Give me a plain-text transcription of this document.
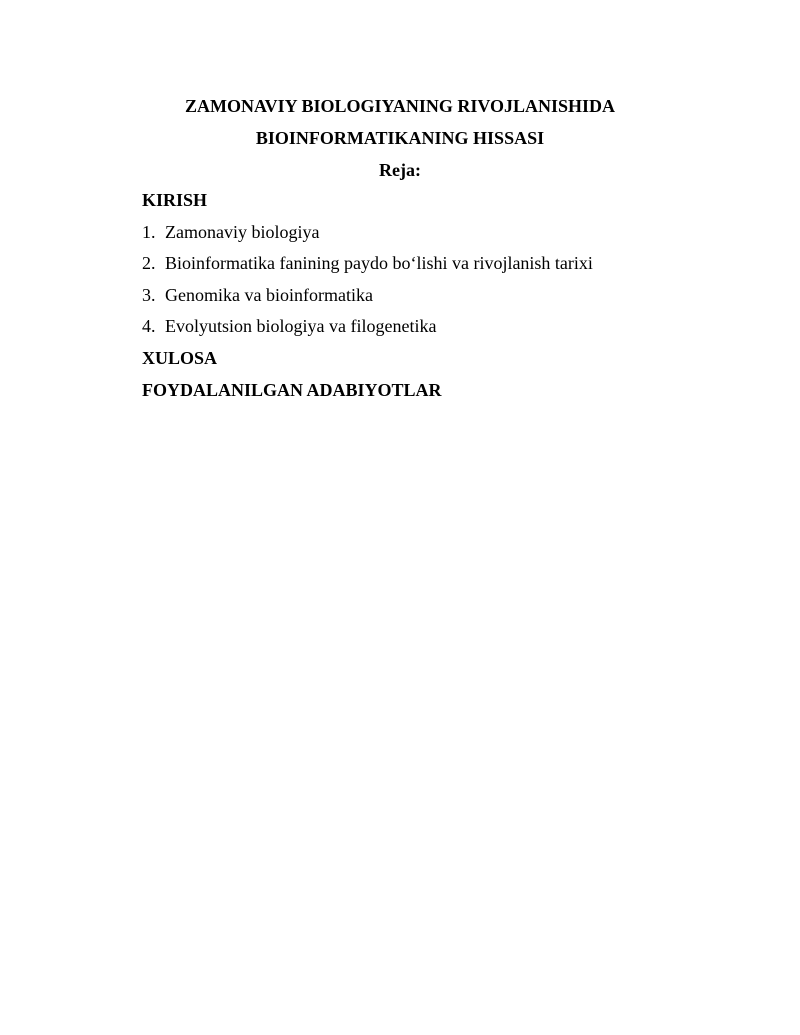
ZAMONAVIY BIOLOGIYANING RIVOJLANISHIDA
BIOINFORMATIKANING HISSASI
Reja:
KIRISH
1. Zamonaviy biologiya
2. Bioinformatika fanining paydo bo‘lishi va rivojlanish tarixi
3. Genomika va bioinformatika
4. Evolyutsion biologiya va filogenetika
XULOSA
FOYDALANILGAN ADABIYOTLAR
